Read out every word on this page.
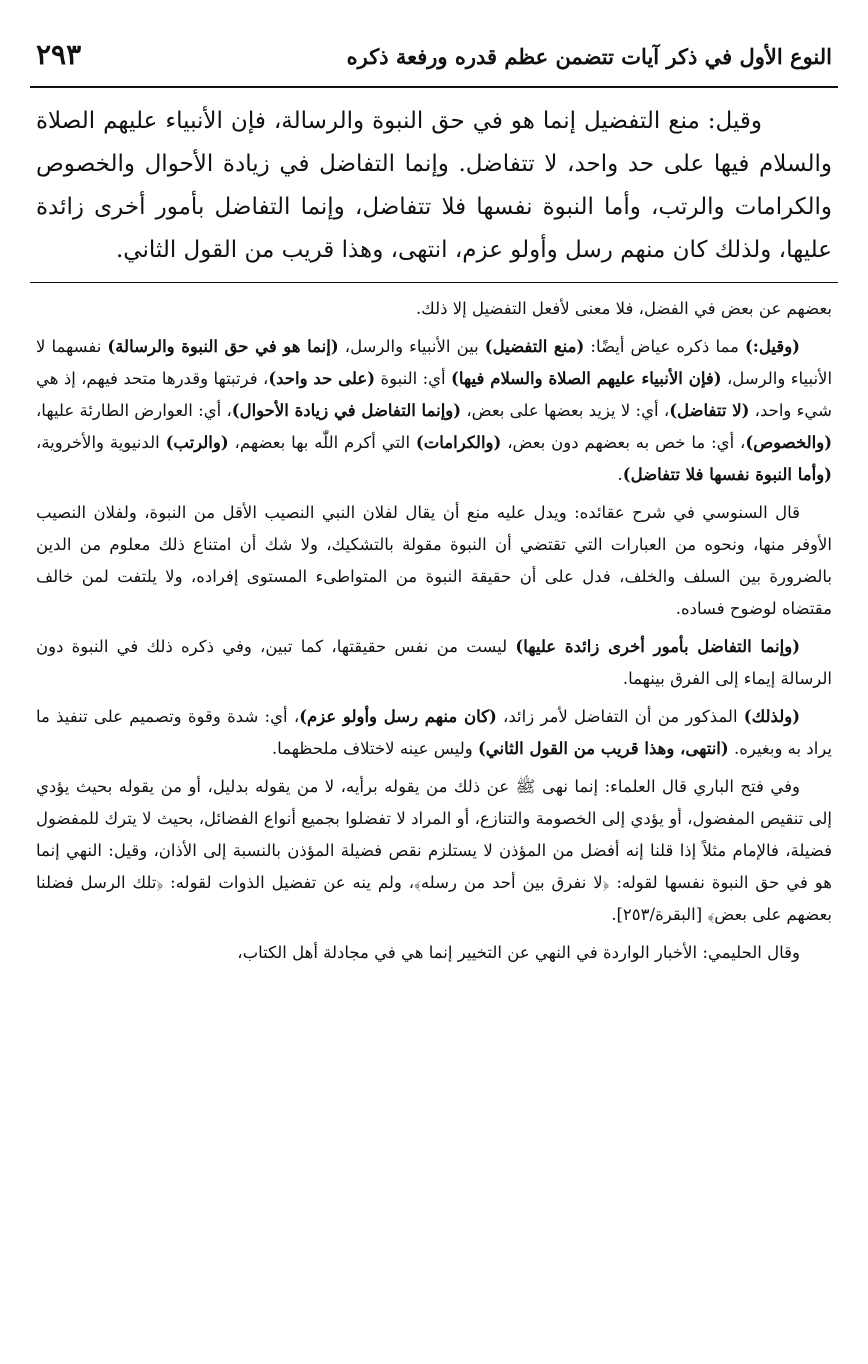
النوع الأول في ذكر آيات تتضمن عظم قدره ورفعة ذكره
٢٩٣

وقيل: منع التفضيل إنما هو في حق النبوة والرسالة، فإن الأنبياء عليهم الصلاة والسلام فيها على حد واحد، لا تتفاضل. وإنما التفاضل في زيادة الأحوال والخصوص والكرامات والرتب، وأما النبوة نفسها فلا تتفاضل، وإنما التفاضل بأمور أخرى زائدة عليها، ولذلك كان منهم رسل وأولو عزم، انتهى، وهذا قريب من القول الثاني.

بعضهم عن بعض في الفضل، فلا معنى لأفعل التفضيل إلا ذلك.

(وقيل:) مما ذكره عياض أيضًا: (منع التفضيل) بين الأنبياء والرسل، (إنما هو في حق النبوة والرسالة) نفسهما لا الأنبياء والرسل، (فإن الأنبياء عليهم الصلاة والسلام فيها) أي: النبوة (على حد واحد)، فرتبتها وقدرها متحد فيهم، إذ هي شيء واحد، (لا تتفاضل)، أي: لا يزيد بعضها على بعض، (وإنما التفاضل في زيادة الأحوال)، أي: العوارض الطارئة عليها، (والخصوص)، أي: ما خص به بعضهم دون بعض، (والكرامات) التي أكرم اللّٰه بها بعضهم، (والرتب) الدنيوية والأخروية، (وأما النبوة نفسها فلا تتفاضل).

قال السنوسي في شرح عقائده: ويدل عليه منع أن يقال لفلان النبي النصيب الأقل من النبوة، ولفلان النصيب الأوفر منها، ونحوه من العبارات التي تقتضي أن النبوة مقولة بالتشكيك، ولا شك أن امتناع ذلك معلوم من الدين بالضرورة بين السلف والخلف، فدل على أن حقيقة النبوة من المتواطىء المستوى إفراده، ولا يلتفت لمن خالف مقتضاه لوضوح فساده.

(وإنما التفاضل بأمور أخرى زائدة عليها) ليست من نفس حقيقتها، كما تبين، وفي ذكره ذلك في النبوة دون الرسالة إيماء إلى الفرق بينهما.

(ولذلك) المذكور من أن التفاضل لأمر زائد، (كان منهم رسل وأولو عزم)، أي: شدة وقوة وتصميم على تنفيذ ما يراد به وبغيره. (انتهى، وهذا قريب من القول الثاني) وليس عينه لاختلاف ملحظهما.

وفي فتح الباري قال العلماء: إنما نهى ﷺ عن ذلك من يقوله برأيه، لا من يقوله بدليل، أو من يقوله بحيث يؤدي إلى تنقيص المفضول، أو يؤدي إلى الخصومة والتنازع، أو المراد لا تفضلوا بجميع أنواع الفضائل، بحيث لا يترك للمفضول فضيلة، فالإمام مثلاً إذا قلنا إنه أفضل من المؤذن لا يستلزم نقص فضيلة المؤذن بالنسبة إلى الأذان، وقيل: النهي إنما هو في حق النبوة نفسها لقوله: ﴿لا نفرق بين أحد من رسله﴾، ولم ينه عن تفضيل الذوات لقوله: ﴿تلك الرسل فضلنا بعضهم على بعض﴾ [البقرة/٢٥٣].

وقال الحليمي: الأخبار الواردة في النهي عن التخيير إنما هي في مجادلة أهل الكتاب،
